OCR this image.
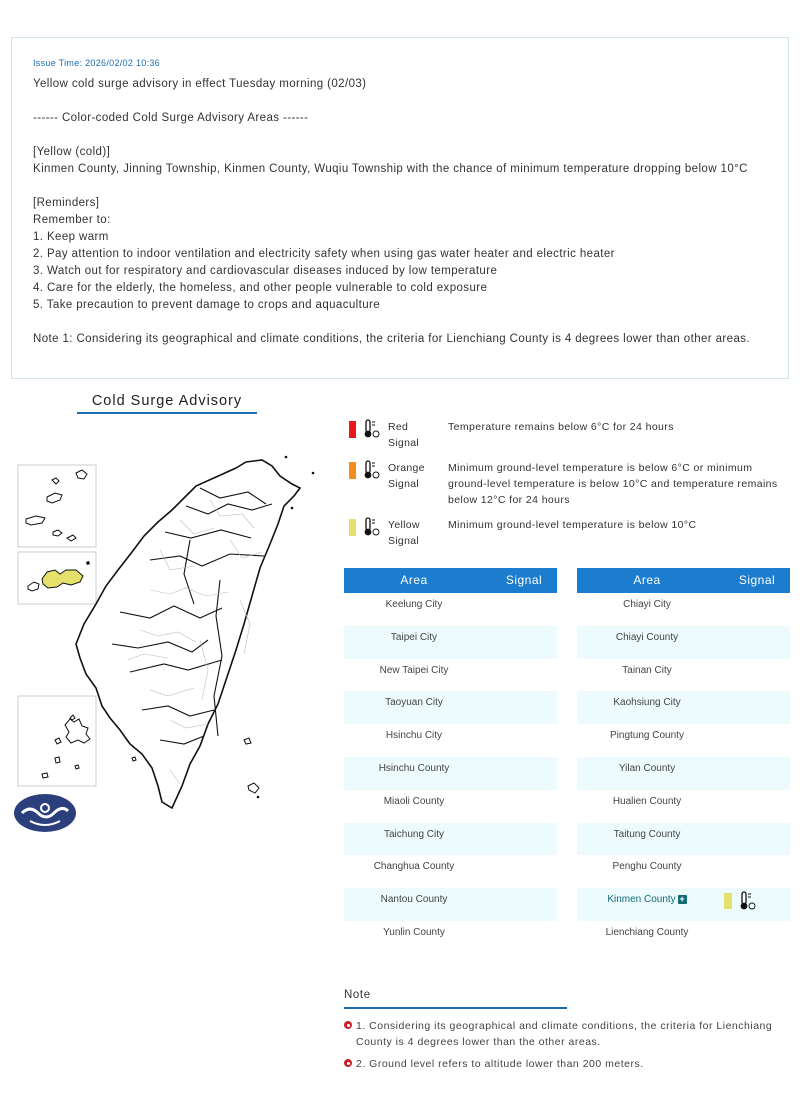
Issue Time: 2026/02/02 10:36
Yellow cold surge advisory in effect Tuesday morning (02/03)
------ Color-coded Cold Surge Advisory Areas ------
[Yellow (cold)]
Kinmen County, Jinning Township, Kinmen County, Wuqiu Township with the chance of minimum temperature dropping below 10°C
[Reminders]
Remember to:
1. Keep warm
2. Pay attention to indoor ventilation and electricity safety when using gas water heater and electric heater
3. Watch out for respiratory and cardiovascular diseases induced by low temperature
4. Care for the elderly, the homeless, and other people vulnerable to cold exposure
5. Take precaution to prevent damage to crops and aquaculture
Note 1: Considering its geographical and climate conditions, the criteria for Lienchiang County is 4 degrees lower than other areas.
Cold Surge Advisory
Red Signal
Temperature remains below 6°C for 24 hours
Orange Signal
Minimum ground-level temperature is below 6°C or minimum ground-level temperature is below 10°C and temperature remains below 12°C for 24 hours
Yellow Signal
Minimum ground-level temperature is below 10°C
Area	Signal
Keelung City
Taipei City
New Taipei City
Taoyuan City
Hsinchu City
Hsinchu County
Miaoli County
Taichung City
Changhua County
Nantou County
Yunlin County
Area	Signal
Chiayi City
Chiayi County
Tainan City
Kaohsiung City
Pingtung County
Yilan County
Hualien County
Taitung County
Penghu County
Kinmen County +
Lienchiang County
Note
1. Considering its geographical and climate conditions, the criteria for Lienchiang County is 4 degrees lower than the other areas.
2. Ground level refers to altitude lower than 200 meters.
